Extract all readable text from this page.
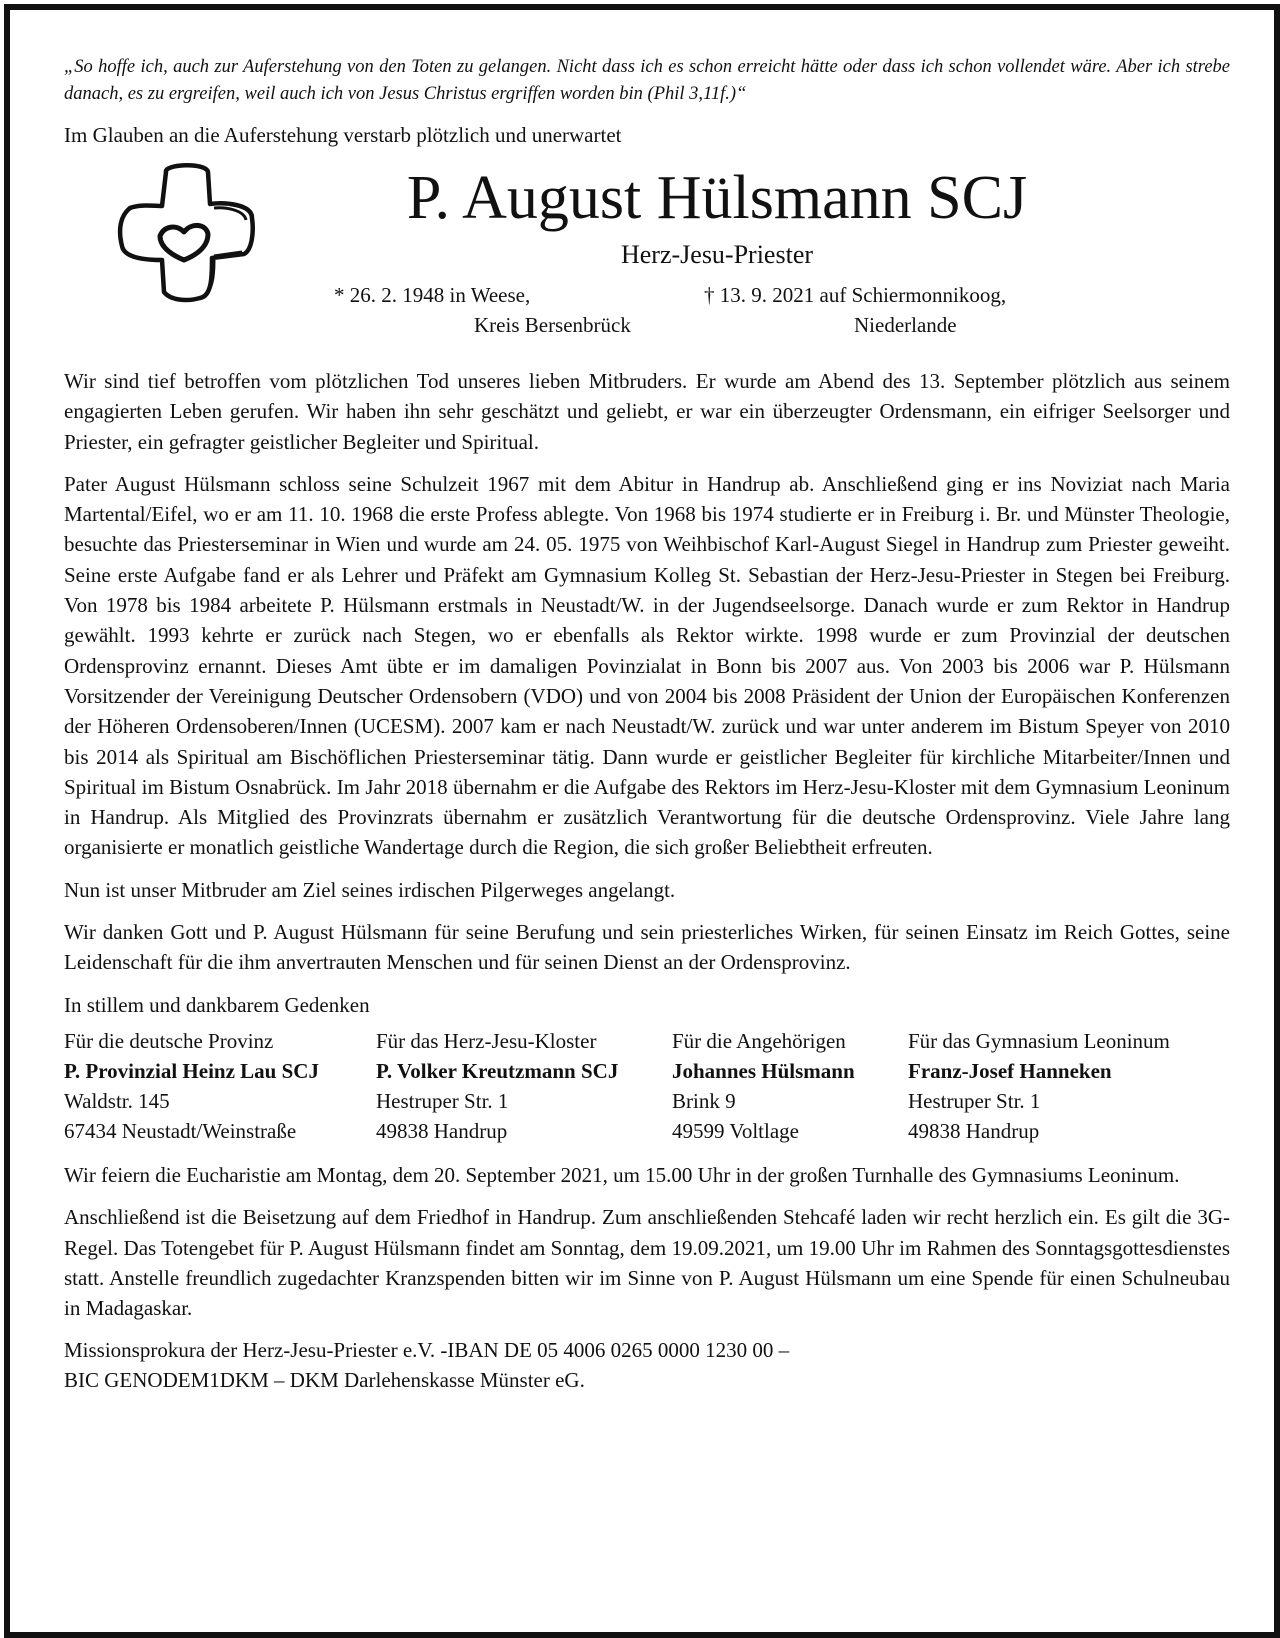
„So hoffe ich, auch zur Auferstehung von den Toten zu gelangen. Nicht dass ich es schon erreicht hätte oder dass ich schon vollendet wäre. Aber ich strebe danach, es zu ergreifen, weil auch ich von Jesus Christus ergriffen worden bin (Phil 3,11f.)“

Im Glauben an die Auferstehung verstarb plötzlich und unerwartet

P. August Hülsmann SCJ
Herz-Jesu-Priester
* 26. 2. 1948 in Weese,
Kreis Bersenbrück
† 13. 9. 2021 auf Schiermonnikoog,
Niederlande

Wir sind tief betroffen vom plötzlichen Tod unseres lieben Mitbruders. Er wurde am Abend des 13. September plötzlich aus seinem engagierten Leben gerufen. Wir haben ihn sehr geschätzt und geliebt, er war ein überzeugter Ordensmann, ein eifriger Seelsorger und Priester, ein gefragter geistlicher Begleiter und Spiritual.

Pater August Hülsmann schloss seine Schulzeit 1967 mit dem Abitur in Handrup ab. Anschließend ging er ins Noviziat nach Maria Martental/Eifel, wo er am 11. 10. 1968 die erste Profess ablegte. Von 1968 bis 1974 studierte er in Freiburg i. Br. und Münster Theologie, besuchte das Priesterseminar in Wien und wurde am 24. 05. 1975 von Weihbischof Karl-August Siegel in Handrup zum Priester geweiht. Seine erste Aufgabe fand er als Lehrer und Präfekt am Gymnasium Kolleg St. Sebastian der Herz-Jesu-Priester in Stegen bei Freiburg. Von 1978 bis 1984 arbeitete P. Hülsmann erstmals in Neustadt/W. in der Jugendseelsorge. Danach wurde er zum Rektor in Handrup gewählt. 1993 kehrte er zurück nach Stegen, wo er ebenfalls als Rektor wirkte. 1998 wurde er zum Provinzial der deutschen Ordensprovinz ernannt. Dieses Amt übte er im damaligen Povinzialat in Bonn bis 2007 aus. Von 2003 bis 2006 war P. Hülsmann Vorsitzender der Vereinigung Deutscher Ordensobern (VDO) und von 2004 bis 2008 Präsident der Union der Europäischen Konferenzen der Höheren Ordensoberen/Innen (UCESM). 2007 kam er nach Neustadt/W. zurück und war unter anderem im Bistum Speyer von 2010 bis 2014 als Spiritual am Bischöflichen Priesterseminar tätig. Dann wurde er geistlicher Begleiter für kirchliche Mitarbeiter/Innen und Spiritual im Bistum Osnabrück. Im Jahr 2018 übernahm er die Aufgabe des Rektors im Herz-Jesu-Kloster mit dem Gymnasium Leoninum in Handrup. Als Mitglied des Provinzrats übernahm er zusätzlich Verantwortung für die deutsche Ordensprovinz. Viele Jahre lang organisierte er monatlich geistliche Wandertage durch die Region, die sich großer Beliebtheit erfreuten.

Nun ist unser Mitbruder am Ziel seines irdischen Pilgerweges angelangt.

Wir danken Gott und P. August Hülsmann für seine Berufung und sein priesterliches Wirken, für seinen Einsatz im Reich Gottes, seine Leidenschaft für die ihm anvertrauten Menschen und für seinen Dienst an der Ordensprovinz.

In stillem und dankbarem Gedenken

Für die deutsche Provinz
P. Provinzial Heinz Lau SCJ
Waldstr. 145
67434 Neustadt/Weinstraße
Für das Herz-Jesu-Kloster
P. Volker Kreutzmann SCJ
Hestruper Str. 1
49838 Handrup
Für die Angehörigen
Johannes Hülsmann
Brink 9
49599 Voltlage
Für das Gymnasium Leoninum
Franz-Josef Hanneken
Hestruper Str. 1
49838 Handrup

Wir feiern die Eucharistie am Montag, dem 20. September 2021, um 15.00 Uhr in der großen Turnhalle des Gymnasiums Leoninum.

Anschließend ist die Beisetzung auf dem Friedhof in Handrup. Zum anschließenden Stehcafé laden wir recht herzlich ein. Es gilt die 3G-Regel. Das Totengebet für P. August Hülsmann findet am Sonntag, dem 19.09.2021, um 19.00 Uhr im Rahmen des Sonntagsgottesdienstes statt. Anstelle freundlich zugedachter Kranzspenden bitten wir im Sinne von P. August Hülsmann um eine Spende für einen Schulneubau in Madagaskar.

Missionsprokura der Herz-Jesu-Priester e.V. -IBAN DE 05 4006 0265 0000 1230 00 –
BIC GENODEM1DKM – DKM Darlehenskasse Münster eG.
